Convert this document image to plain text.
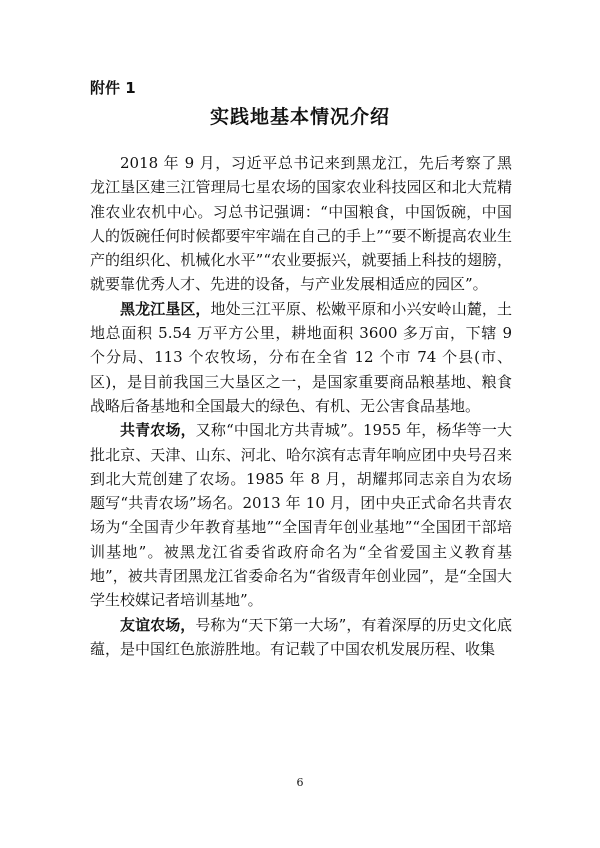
附件 1
实践地基本情况介绍

2018 年 9 月，习近平总书记来到黑龙江，先后考察了黑龙江垦区建三江管理局七星农场的国家农业科技园区和北大荒精准农业农机中心。习总书记强调：“中国粮食，中国饭碗，中国人的饭碗任何时候都要牢牢端在自己的手上”“要不断提高农业生产的组织化、机械化水平”“农业要振兴，就要插上科技的翅膀，就要靠优秀人才、先进的设备，与产业发展相适应的园区”。

黑龙江垦区，地处三江平原、松嫩平原和小兴安岭山麓，土地总面积 5.54 万平方公里，耕地面积 3600 多万亩，下辖 9 个分局、113 个农牧场，分布在全省 12 个市 74 个县(市、区)，是目前我国三大垦区之一，是国家重要商品粮基地、粮食战略后备基地和全国最大的绿色、有机、无公害食品基地。

共青农场，又称“中国北方共青城”。1955 年，杨华等一大批北京、天津、山东、河北、哈尔滨有志青年响应团中央号召来到北大荒创建了农场。1985 年 8 月，胡耀邦同志亲自为农场题写“共青农场”场名。2013 年 10 月，团中央正式命名共青农场为“全国青少年教育基地”“全国青年创业基地”“全国团干部培训基地”。被黑龙江省委省政府命名为“全省爱国主义教育基地”，被共青团黑龙江省委命名为“省级青年创业园”，是“全国大学生校媒记者培训基地”。

友谊农场，号称为“天下第一大场”，有着深厚的历史文化底蕴，是中国红色旅游胜地。有记载了中国农机发展历程、收集

6
